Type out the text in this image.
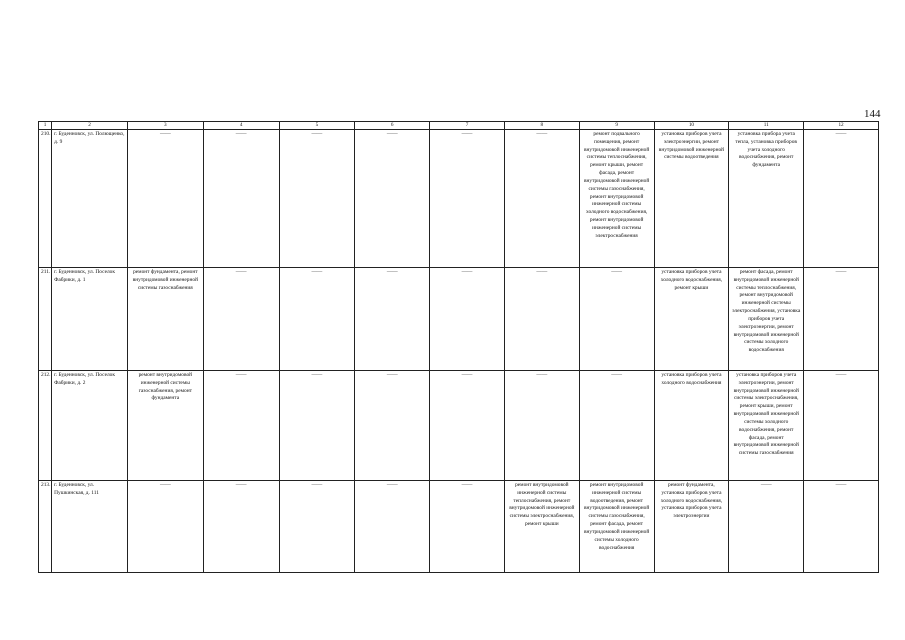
144
1	2	3	4	5	6	7	8	9	10	11	12
210.	г. Буденновск, ул. Полющенко, д. 9	——	——	——	——	——	——	ремонт подвального помещения, ремонт внутридомовой инженерной системы теплоснабжения, ремонт крыши, ремонт фасада, ремонт внутридомовой инженерной системы газоснабжения, ремонт внутридомовой инженерной системы холодного водоснабжения, ремонт внутридомовой инженерной системы электроснабжения	установка приборов учета электроэнергии, ремонт внутридомовой инженерной системы водоотведения	установка прибора учета тепла, установка приборов учета холодного водоснабжения, ремонт фундамента	——
211.	г. Буденновск, ул. Поселок Фабрики, д. 1	ремонт фундамента, ремонт внутридомовой инженерной системы газоснабжения	——	——	——	——	——	——	установка приборов учета холодного водоснабжения, ремонт крыши	ремонт фасада, ремонт внутридомовой инженерной системы теплоснабжения, ремонт внутридомовой инженерной системы электроснабжения, установка приборов учета электроэнергии, ремонт внутридомовой инженерной системы холодного водоснабжения	——
212.	г. Буденновск, ул. Поселок Фабрики, д. 2	ремонт внутридомовой инженерной системы газоснабжения, ремонт фундамента	——	——	——	——	——	——	установка приборов учета холодного водоснабжения	установка приборов учета электроэнергии, ремонт внутридомовой инженерной системы электроснабжения, ремонт крыши, ремонт внутридомовой инженерной системы холодного водоснабжения, ремонт фасада, ремонт внутридомовой инженерной системы газоснабжения	——
213.	г. Буденновск, ул. Пушкинская, д. 111	——	——	——	——	——	ремонт внутридомовой инженерной системы теплоснабжения, ремонт внутридомовой инженерной системы электроснабжения, ремонт крыши	ремонт внутридомовой инженерной системы водоотведения, ремонт внутридомовой инженерной системы газоснабжения, ремонт фасада, ремонт внутридомовой инженерной системы холодного водоснабжения	ремонт фундамента, установка приборов учета холодного водоснабжения, установка приборов учета электроэнергии	——	——
